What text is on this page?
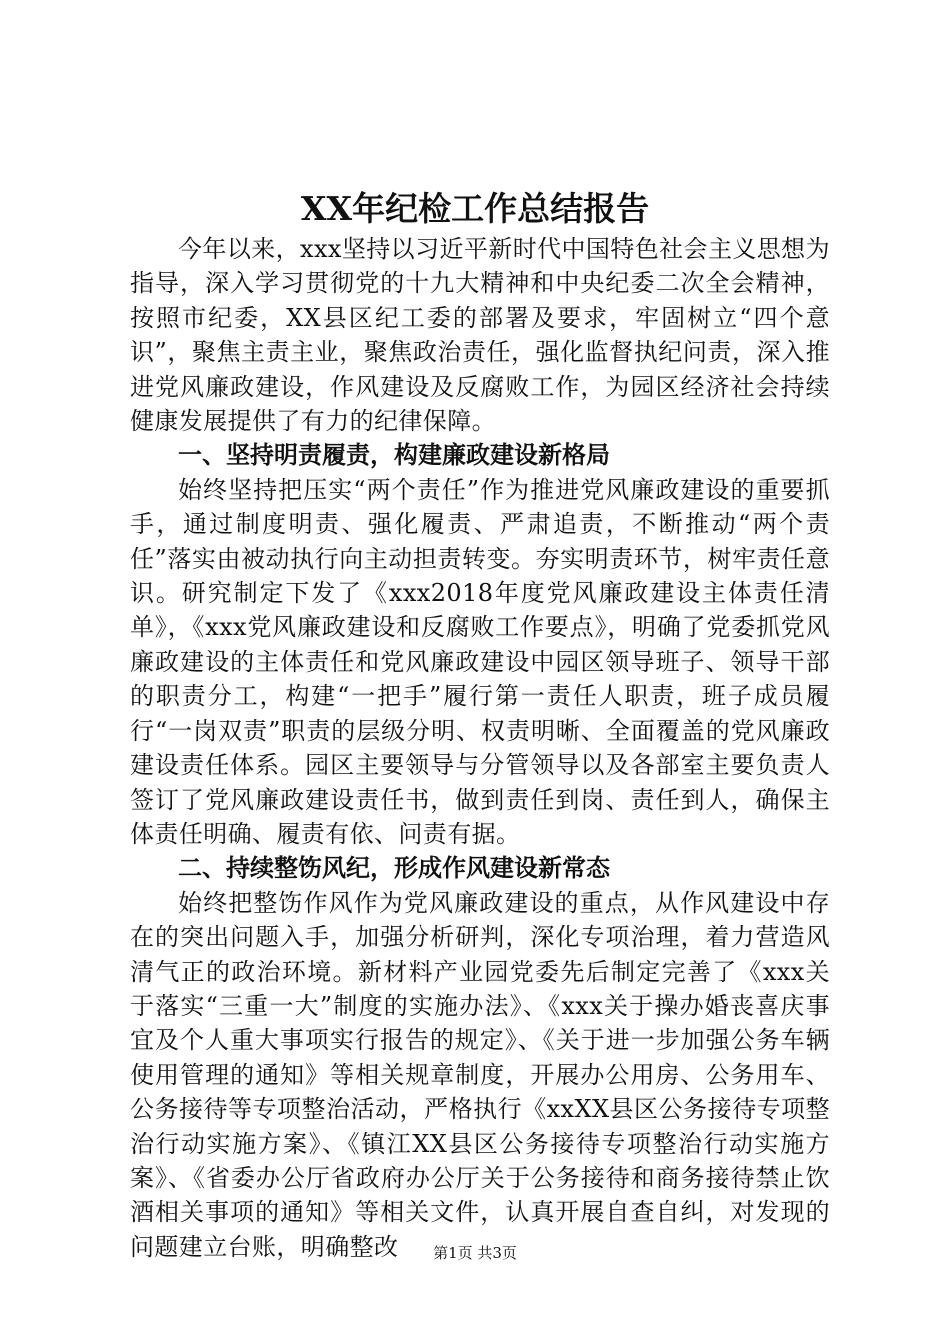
XX年纪检工作总结报告

今年以来，xxx坚持以习近平新时代中国特色社会主义思想为指导，深入学习贯彻党的十九大精神和中央纪委二次全会精神，按照市纪委，XX县区纪工委的部署及要求，牢固树立“四个意识”，聚焦主责主业，聚焦政治责任，强化监督执纪问责，深入推进党风廉政建设，作风建设及反腐败工作，为园区经济社会持续健康发展提供了有力的纪律保障。

一、坚持明责履责，构建廉政建设新格局

始终坚持把压实“两个责任”作为推进党风廉政建设的重要抓手，通过制度明责、强化履责、严肃追责，不断推动“两个责任”落实由被动执行向主动担责转变。夯实明责环节，树牢责任意识。研究制定下发了《xxx2018年度党风廉政建设主体责任清单》，《xxx党风廉政建设和反腐败工作要点》，明确了党委抓党风廉政建设的主体责任和党风廉政建设中园区领导班子、领导干部的职责分工，构建“一把手”履行第一责任人职责，班子成员履行“一岗双责”职责的层级分明、权责明晰、全面覆盖的党风廉政建设责任体系。园区主要领导与分管领导以及各部室主要负责人签订了党风廉政建设责任书，做到责任到岗、责任到人，确保主体责任明确、履责有依、问责有据。

二、持续整饬风纪，形成作风建设新常态

始终把整饬作风作为党风廉政建设的重点，从作风建设中存在的突出问题入手，加强分析研判，深化专项治理，着力营造风清气正的政治环境。新材料产业园党委先后制定完善了《xxx关于落实“三重一大”制度的实施办法》、《xxx关于操办婚丧喜庆事宜及个人重大事项实行报告的规定》、《关于进一步加强公务车辆使用管理的通知》等相关规章制度，开展办公用房、公务用车、公务接待等专项整治活动，严格执行《xxXX县区公务接待专项整治行动实施方案》、《镇江XX县区公务接待专项整治行动实施方案》、《省委办公厅省政府办公厅关于公务接待和商务接待禁止饮酒相关事项的通知》等相关文件，认真开展自查自纠，对发现的问题建立台账，明确整改	第1页 共3页
